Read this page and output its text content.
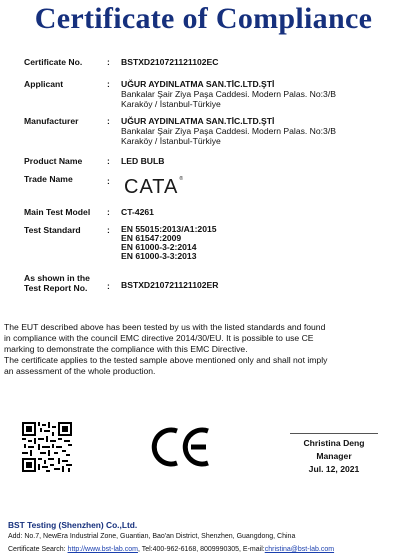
Certificate of Compliance
Certificate No.	: BSTXD210721121102EC
Applicant	: UĞUR AYDINLATMA SAN.TİC.LTD.ŞTİ
Bankalar Şair Ziya Paşa Caddesi. Modern Palas. No:3/B
Karaköy / İstanbul-Türkiye
Manufacturer	: UĞUR AYDINLATMA SAN.TİC.LTD.ŞTİ
Bankalar Şair Ziya Paşa Caddesi. Modern Palas. No:3/B
Karaköy / İstanbul-Türkiye
Product Name	: LED BULB
Trade Name	: CATA®
Main Test Model : CT-4261
Test Standard	: EN 55015:2013/A1:2015
EN 61547:2009
EN 61000-3-2:2014
EN 61000-3-3:2013
As shown in the
Test Report No. : BSTXD210721121102ER
The EUT described above has been tested by us with the listed standards and found
in compliance with the council EMC directive 2014/30/EU. It is possible to use CE
marking to demonstrate the compliance with this EMC Directive.
The certificate applies to the tested sample above mentioned only and shall not imply
an assessment of the whole production.
Christina Deng
Manager
Jul. 12, 2021
BST Testing (Shenzhen) Co.,Ltd.
Add: No.7, NewEra Industrial Zone, Guantian, Bao'an District, Shenzhen, Guangdong, China
Certificate Search: http://www.bst-lab.com, Tel:400-962-6168, 8009990305, E-mail:christina@bst-lab.com
